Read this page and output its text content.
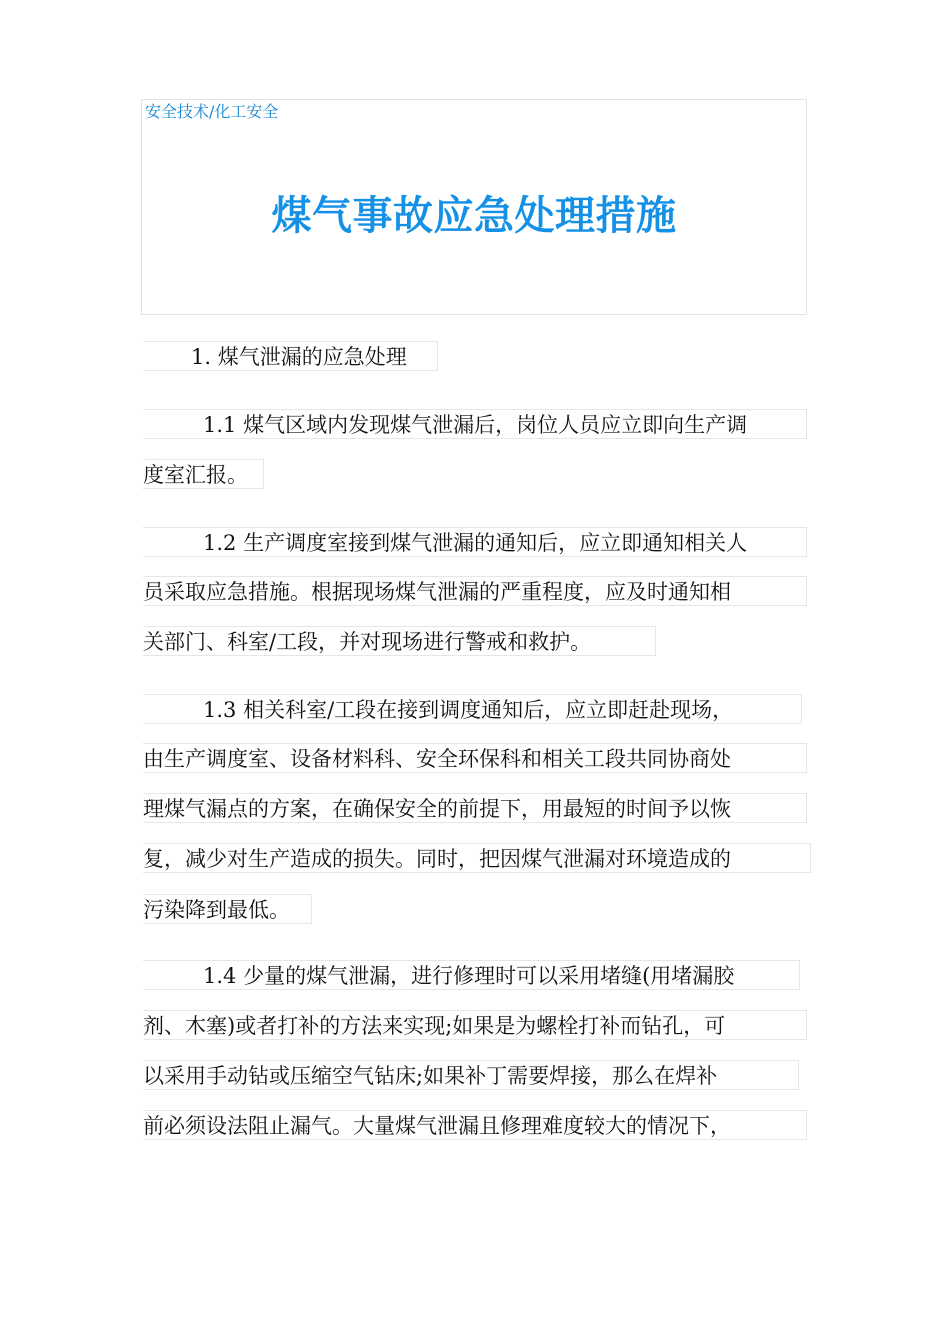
安全技术/化工安全
煤气事故应急处理措施
1. 煤气泄漏的应急处理
1.1 煤气区域内发现煤气泄漏后，岗位人员应立即向生产调
度室汇报。
1.2 生产调度室接到煤气泄漏的通知后，应立即通知相关人
员采取应急措施。根据现场煤气泄漏的严重程度，应及时通知相
关部门、科室/工段，并对现场进行警戒和救护。
1.3 相关科室/工段在接到调度通知后，应立即赶赴现场，
由生产调度室、设备材料科、安全环保科和相关工段共同协商处
理煤气漏点的方案，在确保安全的前提下，用最短的时间予以恢
复，减少对生产造成的损失。同时，把因煤气泄漏对环境造成的
污染降到最低。
1.4 少量的煤气泄漏，进行修理时可以采用堵缝(用堵漏胶
剂、木塞)或者打补的方法来实现;如果是为螺栓打补而钻孔，可
以采用手动钻或压缩空气钻床;如果补丁需要焊接，那么在焊补
前必须设法阻止漏气。大量煤气泄漏且修理难度较大的情况下，
